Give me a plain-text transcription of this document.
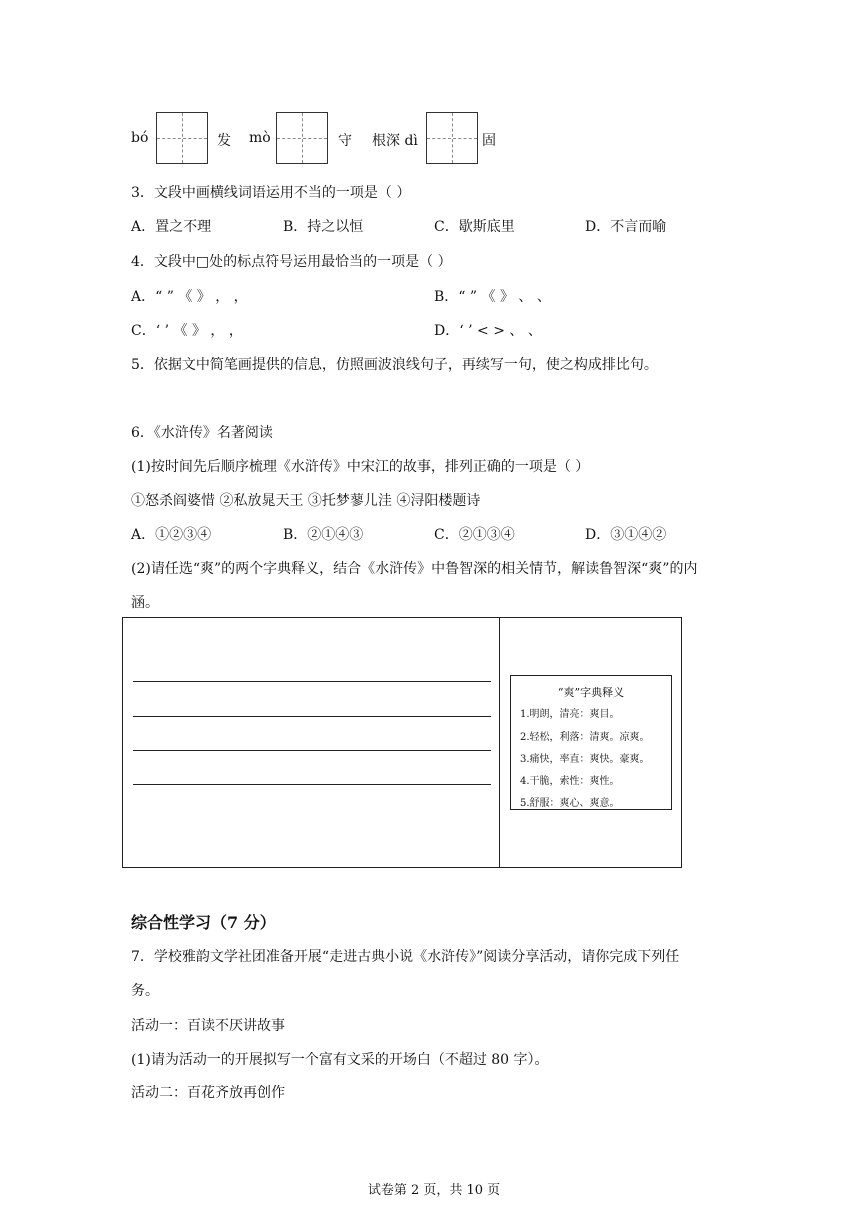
bó	发 mò	守 根深 dì	固
3．文段中画横线词语运用不当的一项是（ ）
A．置之不理	B．持之以恒	C．歇斯底里	D．不言而喻
4．文段中□处的标点符号运用最恰当的一项是（ ）
A．“ ” 《 》 ， ，	B．“ ” 《 》 、 、
C．‘ ’ 《 》 ， ，	D．‘ ’ < > 、 、
5．依据文中简笔画提供的信息，仿照画波浪线句子，再续写一句，使之构成排比句。
6．《水浒传》名著阅读
(1)按时间先后顺序梳理《水浒传》中宋江的故事，排列正确的一项是（ ）
①怒杀阎婆惜 ②私放晁天王 ③托梦蓼儿洼 ④浔阳楼题诗
A．①②③④	B．②①④③	C．②①③④	D．③①④②
(2)请任选“爽”的两个字典释义，结合《水浒传》中鲁智深的相关情节，解读鲁智深“爽”的内
涵。
“爽”字典释义
1.明朗，清亮：爽目。
2.轻松，利落：清爽。凉爽。
3.痛快，率直：爽快。豪爽。
4.干脆，索性：爽性。
5.舒服：爽心、爽意。
综合性学习（7 分）
7．学校雅韵文学社团准备开展“走进古典小说《水浒传》”阅读分享活动，请你完成下列任
务。
活动一：百读不厌讲故事
(1)请为活动一的开展拟写一个富有文采的开场白（不超过 80 字）。
活动二：百花齐放再创作
试卷第 2 页，共 10 页
